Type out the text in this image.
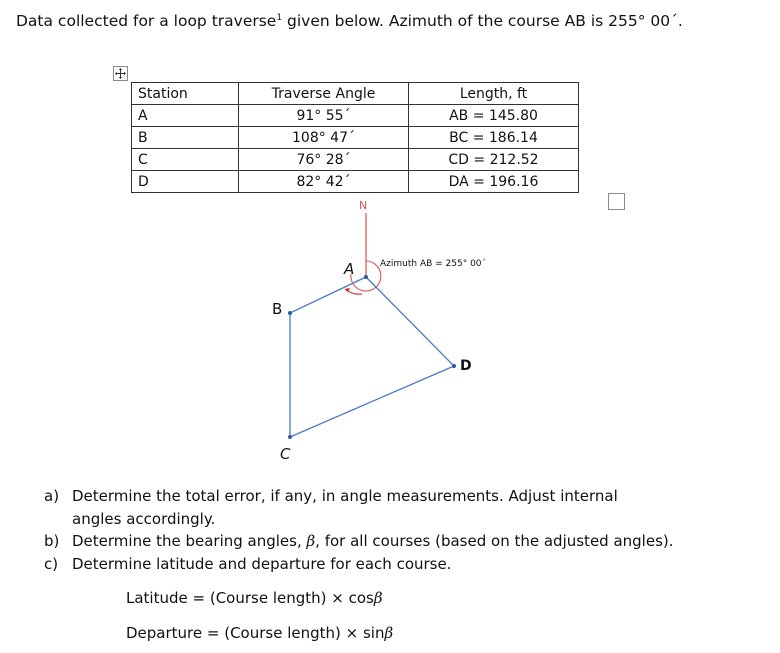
Data collected for a loop traverse$^1$ given below. Azimuth of the course AB is 255° 00´.
Station	Traverse Angle	Length, ft
A	91° 55´	AB = 145.80
B	108° 47´	BC = 186.14
C	76° 28´	CD = 212.52
D	82° 42´	DA = 196.16
N
A
B
C
D
Azimuth AB = 255° 00´
a) Determine the total error, if any, in angle measurements. Adjust internal
angles accordingly.
b) Determine the bearing angles, β, for all courses (based on the adjusted angles).
c) Determine latitude and departure for each course.
Latitude = (Course length) × cosβ
Departure = (Course length) × sinβ
